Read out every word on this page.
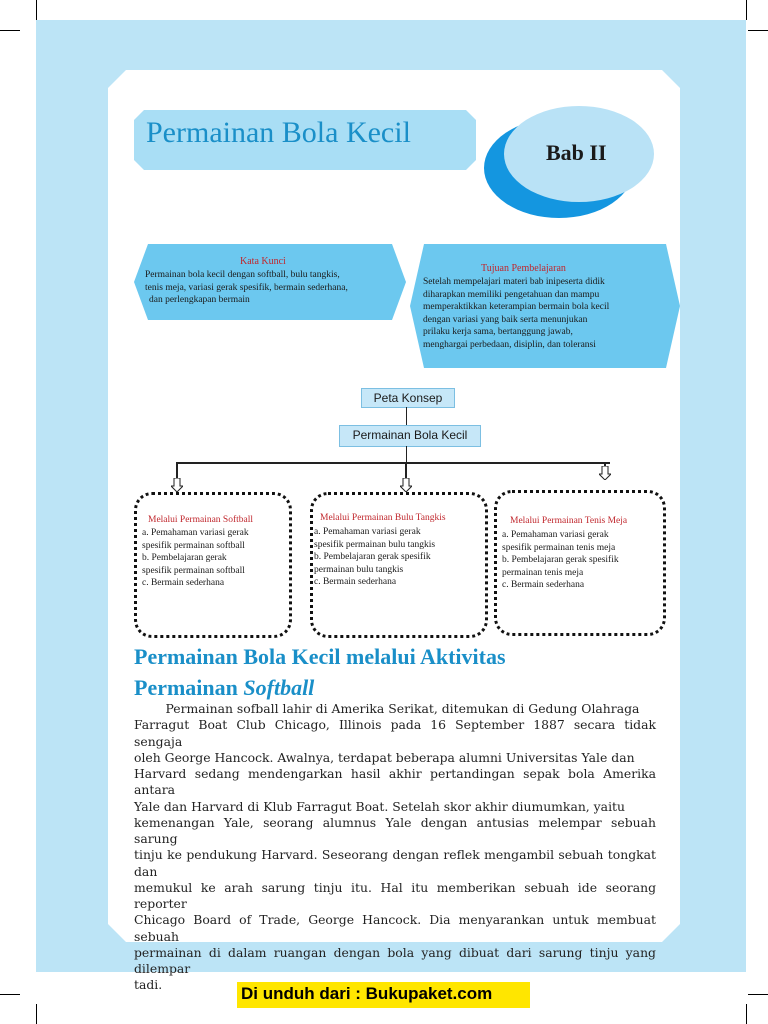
Permainan Bola Kecil
Bab II
Kata Kunci
Permainan bola kecil dengan softball, bulu tangkis,
tenis meja, variasi gerak spesifik, bermain sederhana,
dan perlengkapan bermain
Tujuan Pembelajaran
Setelah mempelajari materi bab inipeserta didik
diharapkan memiliki pengetahuan dan mampu
memperaktikkan keterampian bermain bola kecil
dengan variasi yang baik serta menunjukan
prilaku kerja sama, bertanggung jawab,
menghargai perbedaan, disiplin, dan toleransi
Peta Konsep
Permainan Bola Kecil
Melalui Permainan Softball
a. Pemahaman variasi gerak
spesifik permainan softball
b. Pembelajaran gerak
spesifik permainan softball
c. Bermain sederhana
Melalui Permainan Bulu Tangkis
a. Pemahaman variasi gerak
spesifik permainan bulu tangkis
b. Pembelajaran gerak spesifik
permainan bulu tangkis
c. Bermain sederhana
Melalui Permainan Tenis Meja
a. Pemahaman variasi gerak
spesifik permainan tenis meja
b. Pembelajaran gerak spesifik
permainan tenis meja
c. Bermain sederhana
Permainan Bola Kecil melalui Aktivitas
Permainan Softball
Permainan sofball lahir di Amerika Serikat, ditemukan di Gedung Olahraga
Farragut Boat Club Chicago, Illinois pada 16 September 1887 secara tidak sengaja
oleh George Hancock. Awalnya, terdapat beberapa alumni Universitas Yale dan
Harvard sedang mendengarkan hasil akhir pertandingan sepak bola Amerika antara
Yale dan Harvard di Klub Farragut Boat. Setelah skor akhir diumumkan, yaitu
kemenangan Yale, seorang alumnus Yale dengan antusias melempar sebuah sarung
tinju ke pendukung Harvard. Seseorang dengan reflek mengambil sebuah tongkat dan
memukul ke arah sarung tinju itu. Hal itu memberikan sebuah ide seorang reporter
Chicago Board of Trade, George Hancock. Dia menyarankan untuk membuat sebuah
permainan di dalam ruangan dengan bola yang dibuat dari sarung tinju yang dilempar
tadi.	Di unduh dari : Bukupaket.com
